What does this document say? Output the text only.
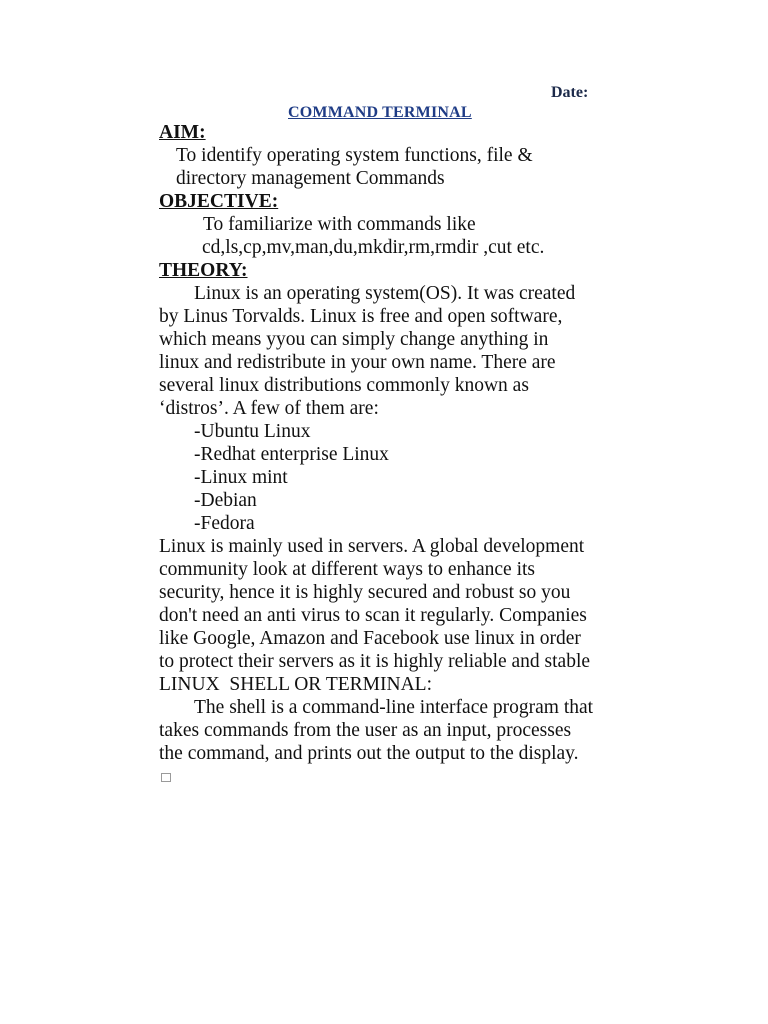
Date:
COMMAND TERMINAL
AIM:
To identify operating system functions, file &
directory management Commands
OBJECTIVE:
To familiarize with commands like
cd,ls,cp,mv,man,du,mkdir,rm,rmdir ,cut etc.
THEORY:
Linux is an operating system(OS). It was created
by Linus Torvalds. Linux is free and open software,
which means yyou can simply change anything in
linux and redistribute in your own name. There are
several linux distributions commonly known as
‘distros’. A few of them are:
-Ubuntu Linux
-Redhat enterprise Linux
-Linux mint
-Debian
-Fedora
Linux is mainly used in servers. A global development
community look at different ways to enhance its
security, hence it is highly secured and robust so you
don't need an anti virus to scan it regularly. Companies
like Google, Amazon and Facebook use linux in order
to protect their servers as it is highly reliable and stable
LINUX  SHELL OR TERMINAL:
The shell is a command-line interface program that
takes commands from the user as an input, processes
the command, and prints out the output to the display.
